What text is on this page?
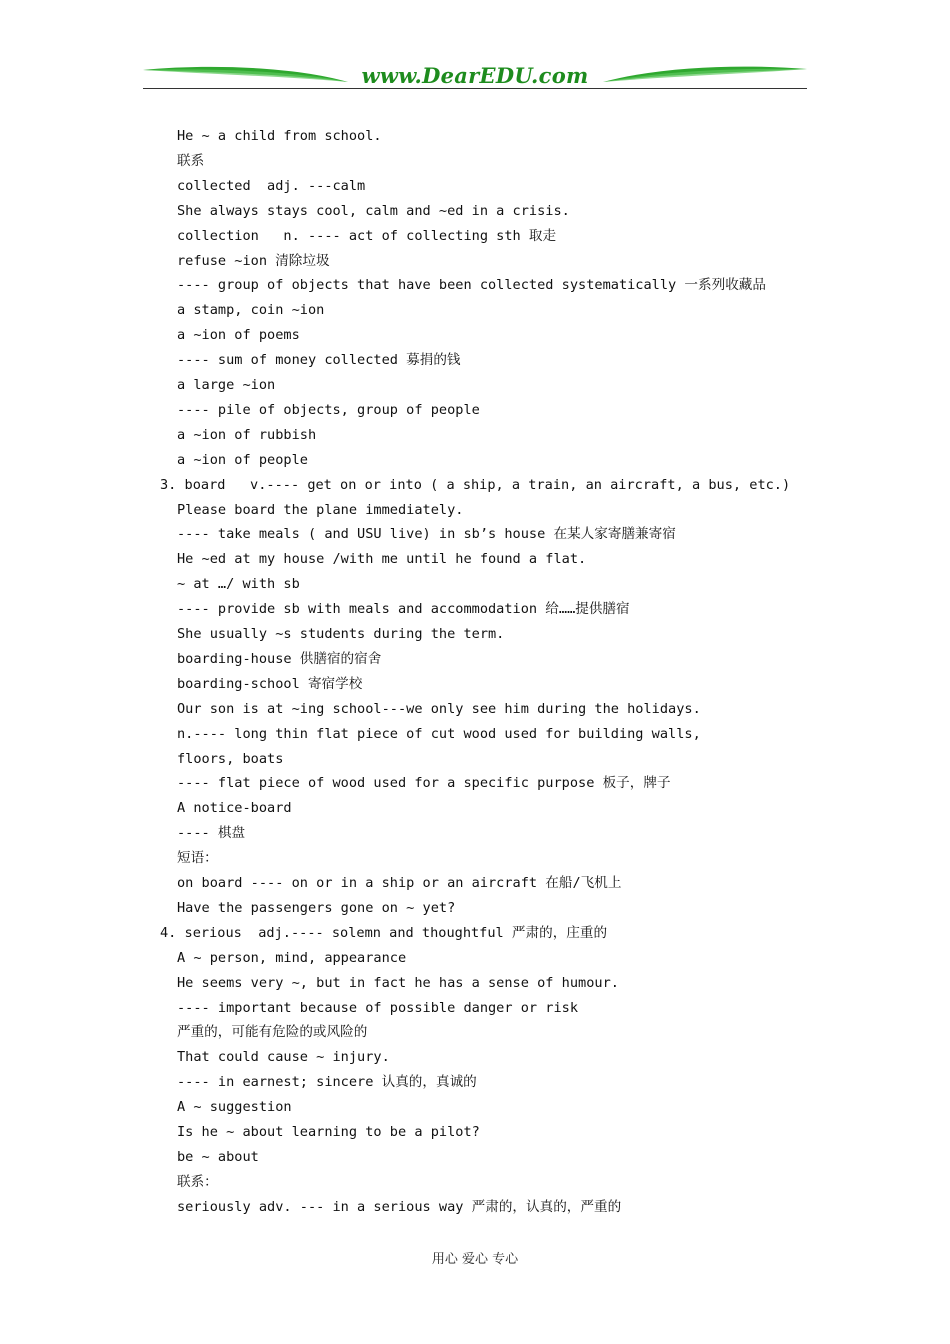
www.DearEDU.com
He ~ a child from school.
联系
collected  adj. ---calm
She always stays cool, calm and ~ed in a crisis.
collection   n. ---- act of collecting sth 取走
refuse ~ion 清除垃圾
---- group of objects that have been collected systematically 一系列收藏品
a stamp, coin ~ion
a ~ion of poems
---- sum of money collected 募捐的钱
a large ~ion
---- pile of objects, group of people
a ~ion of rubbish
a ~ion of people
3. board   v.---- get on or into ( a ship, a train, an aircraft, a bus, etc.)
Please board the plane immediately.
---- take meals ( and USU live) in sb’s house 在某人家寄膳兼寄宿
He ~ed at my house /with me until he found a flat.
~ at …/ with sb
---- provide sb with meals and accommodation 给……提供膳宿
She usually ~s students during the term.
boarding-house 供膳宿的宿舍
boarding-school 寄宿学校
Our son is at ~ing school---we only see him during the holidays.
n.---- long thin flat piece of cut wood used for building walls,
floors, boats
---- flat piece of wood used for a specific purpose 板子，牌子
A notice-board
---- 棋盘
短语：
on board ---- on or in a ship or an aircraft 在船/飞机上
Have the passengers gone on ~ yet?
4. serious  adj.---- solemn and thoughtful 严肃的，庄重的
A ~ person, mind, appearance
He seems very ~, but in fact he has a sense of humour.
---- important because of possible danger or risk
严重的，可能有危险的或风险的
That could cause ~ injury.
---- in earnest; sincere 认真的，真诚的
A ~ suggestion
Is he ~ about learning to be a pilot?
be ~ about
联系：
seriously adv. --- in a serious way 严肃的，认真的，严重的
用心 爱心 专心
